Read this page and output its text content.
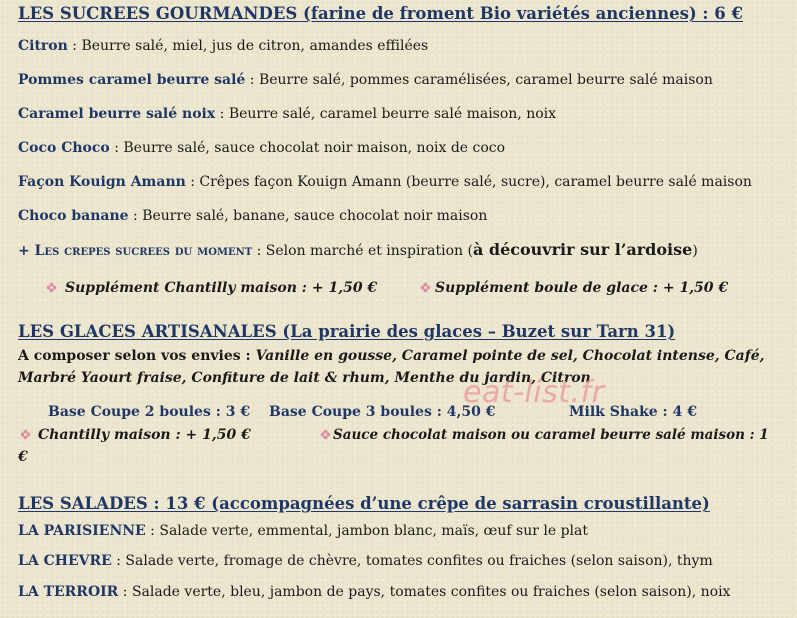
LES SUCREES GOURMANDES (farine de froment Bio variétés anciennes) : 6 €
Citron : Beurre salé, miel, jus de citron, amandes effilées
Pommes caramel beurre salé : Beurre salé, pommes caramélisées, caramel beurre salé maison
Caramel beurre salé noix : Beurre salé, caramel beurre salé maison, noix
Coco Choco : Beurre salé, sauce chocolat noir maison, noix de coco
Façon Kouign Amann : Crêpes façon Kouign Amann (beurre salé, sucre), caramel beurre salé maison
Choco banane : Beurre salé, banane, sauce chocolat noir maison
+ Les crepes sucrees du moment : Selon marché et inspiration (à découvrir sur l’ardoise)
Supplément Chantilly maison : + 1,50 €	Supplément boule de glace : + 1,50 €
LES GLACES ARTISANALES (La prairie des glaces – Buzet sur Tarn 31)
A composer selon vos envies : Vanille en gousse, Caramel pointe de sel, Chocolat intense, Café,
Marbré Yaourt fraise, Confiture de lait & rhum, Menthe du jardin, Citron
Base Coupe 2 boules : 3 € Base Coupe 3 boules : 4,50 €	Milk Shake : 4 €
Chantilly maison : + 1,50 €	Sauce chocolat maison ou caramel beurre salé maison : 1
€
LES SALADES : 13 € (accompagnées d’une crêpe de sarrasin croustillante)
LA PARISIENNE : Salade verte, emmental, jambon blanc, maïs, œuf sur le plat
LA CHEVRE : Salade verte, fromage de chèvre, tomates confites ou fraiches (selon saison), thym
LA TERROIR : Salade verte, bleu, jambon de pays, tomates confites ou fraiches (selon saison), noix
eat-list.fr
